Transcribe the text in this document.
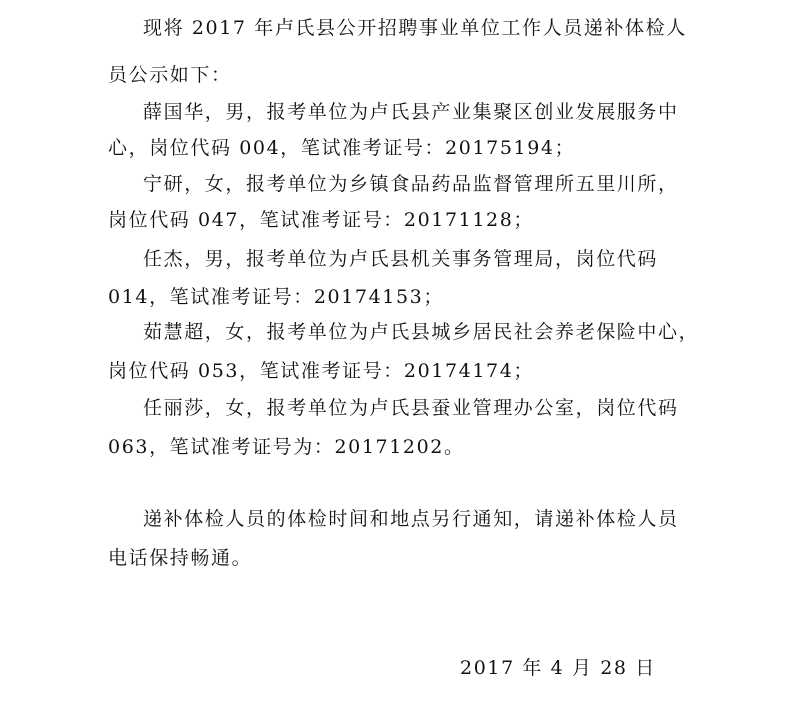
现将 2017 年卢氏县公开招聘事业单位工作人员递补体检人
员公示如下：
薛国华，男，报考单位为卢氏县产业集聚区创业发展服务中
心，岗位代码 004，笔试准考证号：20175194；
宁研，女，报考单位为乡镇食品药品监督管理所五里川所，
岗位代码 047，笔试准考证号：20171128；
任杰，男，报考单位为卢氏县机关事务管理局，岗位代码
014，笔试准考证号：20174153；
茹慧超，女，报考单位为卢氏县城乡居民社会养老保险中心，
岗位代码 053，笔试准考证号：20174174；
任丽莎，女，报考单位为卢氏县蚕业管理办公室，岗位代码
063，笔试准考证号为：20171202。
递补体检人员的体检时间和地点另行通知，请递补体检人员
电话保持畅通。
2017 年 4 月 28 日
